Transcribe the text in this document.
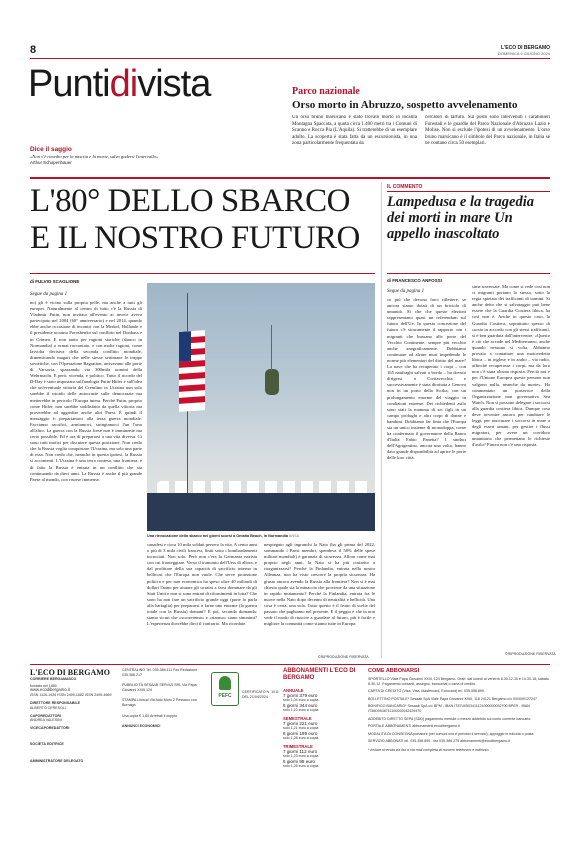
8	L'ECO DI BERGAMO
DOMENICA 9 GIUGNO 2024
Puntidivista
Dice il saggio
«Non v'è rimedio per la nascita e la morte, salvo godersi l'intervallo»
Arthur Schopenhauer
Parco nazionale
Orso morto in Abruzzo, sospetto avvelenamento
Un orso bruno marsicano è stato trovato morto in località Montagna Spaccata, a quota circa 1.400 metri tra i Comuni di Scanno e Rocca Pia (L'Aquila). Si tratterebbe di un esemplare adulto. La scoperta è stata fatta da un escursionista, in una zona particolarmente frequentata da
cercatori di tartufo. Sul posto sono intervenuti i carabinieri Forestali e le guardie del Parco Nazionale d'Abruzzo Lazio e Molise. Non si esclude l'ipotesi di un avvelenamento. L'orso bruno marsicano è il simbolo del Parco nazionale, in Italia se ne contano circa 50 esemplari.
L'80° DELLO SBARCO
E IL NOSTRO FUTURO
di FULVIO SCAGLIONE
Segue da pagina 1
no) gli è vicino sulla propria pelle, ma anche a tutti gli europei. Naturalmente al centro di tutto c'è la Russia di Vladimir Putin, non invitato all'evento ai invece aveva partecipato nel 2004 (60° anniversario) e nel 2014, quando ebbe anche occasione di incontri con la Merkel, Hollande e il presidente ucraino Poroshenko sul conflitto nel Donbass e in Crimea. E non tanto per ragioni storiche (sbarco in Normandia) o ormai raccontato, e con molte ragioni, come lasvolta decisiva della seconda conflitto mondiale, dimenticando magari che nelle stesse settimane le truppe sovietiche, con l'Operazione Bagration, arrivavano alle porte di Varsavia, spazzando via 300mila uomini della Wehrmacht. E però, vicenda, e politico. Tutto il ricordo del D-Day è stato impostato sull'analogia Putin-Hitler e sull'idea che un'eventuale vittoria del Cremlino in Ucraina non solo sarebbe il trionfo delle autocrazie sulle democrazie ma metterebbe in pericolo l'Europa intera. Perché Putin, proprio come Hitler, non sarebbe soddisfatto da quella vittoria ma proverebbe ad aggredire anche altri Paesi. È quindi il messaggio è: prepariamoci alla terza guerra mondiale. Facciamo sacrifici, armiamoci, stringiamoci l'un l'uno all'altro. La guerra con la Russia forse non è imminente ma certo possibile. Ed è ora di prepararsi a una vita diversa. Ci sono tutti motivi per discutere questa posizione. Non credo che la Russia voglia conquistare l'Ucraina, ma solo una parte di essa. Non credo che, neanche in questa ipotesi, la Russia si accontenti. L'Ucraina è una terra contesa, una frontiera, e di fatto la Russia è entrata in un conflitto che sta continuando da dieci anni. La Russia è anche il più grande Paese al mondo, con risorse immense.
Una rievocazione dello sbarco nei giorni scorsi a Omaha Beach, in Normandia ANSA
canadesi e circa 10 mila soldati persero la vita. A cento anni o più di 3 mila civili francesi, finiti sotto i bombardamenti incrociati. Non solo. Però non c'era la Germania nazista con cui fronteggiare. Verso il tramonto dell'Urss di allora, e dal profittare della sua capacità di sacrificio interno in bellicosi che l'Europa non vuole. Che serve protezione politica e per non economica ha speso oltre 40 miliardi di dollari l'anno per aiutare gli ucraini a farsi dominare da gli Stati Uniti e non si sono entrati di rifornimenti in lotta? Che sono ha non fare un sacrificio grande oggi (parte lo parla alla battaglia) per prepararsi a farne uno enorme (la guerra totale con la Russia) domani? E poi, seconda domanda: siamo sicuri che «scorreremo» e «riarmo» siano sinonimi? L'esperienza dovrebbe dirci il contrario. Ma ricordate.
nespiegato agli ingranchi la Nato (ha gli prima del 2022, sommando i Paesi membri, spendeva il 58% delle spese militari mondiali) è garanzia di sicurezza. Allora come mai proprio negli anni, la Nato si ha più costretto a riorganizzarsi? Perché la Finlandia, entrata nella nostra Alleanza, non ha visto crescere la propria sicurezza. Ha giusto ancora avendo la Russia alla frontiera? Non si è mai chiesto quale sia la minaccia che proviene da una situazione in rapido mutamento? Perché la Finlandia, entrata fra le nuove nella Nato dopo decenni di neutralità e bellicità. Una cosa è certa, una sola. Tutto questo è il frutto di scelte del passato che paghiamo nel presente. E il peggio è che in non vede il modo di riuscire a guardare al futuro, più è facile e migliore la comunità come stiamo tutte in Europa.
©RIPRODUZIONE RISERVATA
IL COMMENTO
Lampedusa e la tragedia dei morti in mare Un appello inascoltato
di FRANCESCO ANFOSSI
Segue da pagina 1
co più che devono farci riflettere, se ancora siamo dotati di un briciolo di umanità. Sì che che queste elezioni rappresentano quasi un referendum sul futuro dell'Ue. In questa concezione del futuro c'è sicuramente il rapporto con i migranti che bussano alle porte del Vecchio Continente, sempre più vecchio anche anagraficamente. Dobbiamo continuare ad alzare muri impedendo le norme più elementari del diritto del mare? La nave che ha recuperato i corpi – con 165 naufraghi salvati a bordo – ha dovuto dirigersi a Civitavecchia e successivamente è stata dirottata a Genova non in un porto della Sicilia, con un prolungamento enorme del viaggio in condizioni estreme. Dei richiedenti asilo sono stati la mamma di sei figli in un campo profughi e altri corpi di donne e bambini. Dobbiamo far finta che l'Europa sia un unico insieme di monodoppa, come ha confermato il governatore della Banca d'Italia Fabio Panetta? I sindaci dell'Agrigentino, ancora una volta, hanno dato grande disponibilità ad aprire le porte delle loro città.
sime traversate. Ma come si vede così non ci migranti portano lo stesso, sotto la regia spietata dei trafficanti di uomini. Si anche detto che si salvataggio può bene essere che la Guardia Costiera libica, ha così non è. Anche in questo caso, la Guardia Costiera, soprattutto spesso di corsia in accordo con gli stessi trafficanti, si è ben guardata dall'intervenire. «Questo è ciò che accade nel Mediterraneo, anche quando nessuno si volta. Abbiamo provato a contattare una motovedetta libica – in inglese e in arabo – via radio, affinché recuperasse i corpi, ma da loro non c'è stata alcuna risposta. Perciò noi e per l'Unione Europea queste persone non valgono nulla, neanche da morte». Ha commentato un portavoce della Organizzazione non governativa Sea Watch. Non si possono delegare i soccorsi alla guardia costiera libica. Dunque cosa deve avvenire ancora per cambiare le leggi, per assicurare i soccorsi in mare a degli esseri umani, per gestire i flussi migratori, per avere un corridoio umanitario che permettano le richieste d'asilo? Finora non c'è una risposta.
©RIPRODUZIONE RISERVATA
L'ECO DI BERGAMO
CORRIERE BERGAMASCO
fondato nel 1880
www.ecodibergamo.it
ISSN 1126-1926 ISSN 2499-1682 ISSN 2499-4669
DIRETTORE RESPONSABILE
ALBERTO CERESOLI
CAPOREDATTORI
ANDREA VALESINI
VICECAPOREDATTORI
SOCIETÀ EDITRICE
AMMINISTRATORE DELEGATO
CENTRALINO Tel. 035.386.111 Fax Redazione 035.386.217
PUBBLICITÀ SESAAB SERVIZI SRL Via Papa Giovanni XXIII 124
STAMPA Litosud Via Aldo Moro 2 Pessano con Bornago
Una copia € 1,80 Arretrati il doppio
ANNUNCI ECONOMICI
PEFC
CERTIFICATO N. 1011 DEL 21/04/2024
ABBONAMENTI L'ECO DI BERGAMO
ANNUALE
7 giorni 379 euro
solo 1,04 euro a copia
6 giorni 344 euro
solo 1,10 euro a copia
SEMESTRALE
7 giorni 221 euro
solo 1,21 euro a copia
6 giorni 199 euro
solo 1,28 euro a copia
TRIMESTRALE
7 giorni 112 euro
solo 1,23 euro a copia
6 giorni 98 euro
solo 1,26 euro a copia
COME ABBONARSI
SPORTELLO Viale Papa Giovanni XXIII, 124 Bergamo. Orari: dal lunedì al venerdì 8.30-12.30 e 14.30-18; sabato 8.30-12. Pagamento contanti, assegno, bancomat o carta di credito.
CARTA DI CREDITO (Visa, Visa, Mastercard, Eurocard) tel. 035.358.899.
BOLLETTINO POSTALE* Sesaab SpA Viale Papa Giovanni XXIII, 118 24121 Bergamo c/c 000000127247
BONIFICO BANCARIO* Sesaab SpA c/c BPM - IBAN IT87U0503411121000000032700 BPER - IBAN IT56D0538711100000042429470
ADDEBITO DIRETTO SEPA (SDD) pagamento mensile o mezzo addebito sul conto corrente bancario.
PORTALE ABBONAMENTI abbonamenti.ecodibergamo.it
MODALITÀ DI CONSEGNA portatore (nei comuni ove è previsto il servizio), appoggio in edicola o posta.
SERVIZIO ABBONATI tel. 035.358.899 - fax 035.386.275 abbonamenti@ecodibergamo.it
* Inviare ricevuta via fax o via mail completa di numero telefonico e indirizzo.
